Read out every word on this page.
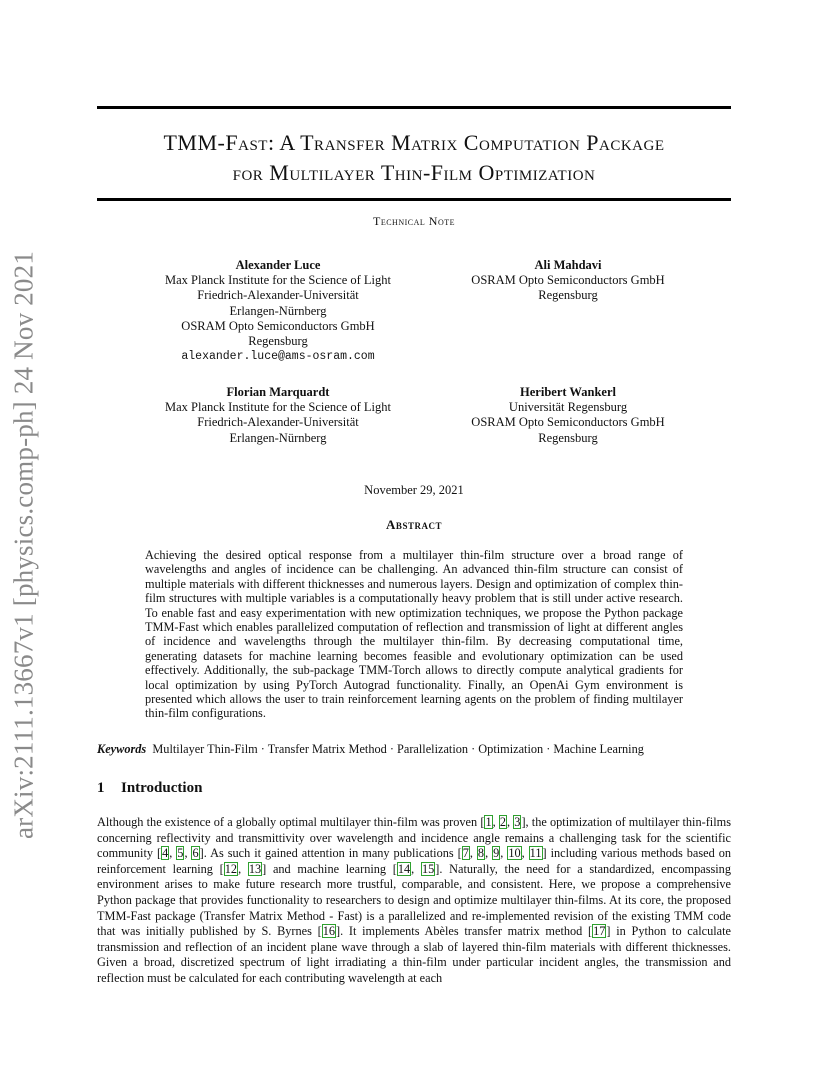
arXiv:2111.13667v1 [physics.comp-ph] 24 Nov 2021
TMM-Fast: A Transfer Matrix Computation Package
for Multilayer Thin-Film Optimization
Technical Note
Alexander Luce
Max Planck Institute for the Science of Light
Friedrich-Alexander-Universität
Erlangen-Nürnberg
OSRAM Opto Semiconductors GmbH
Regensburg
alexander.luce@ams-osram.com
Ali Mahdavi
OSRAM Opto Semiconductors GmbH
Regensburg
Florian Marquardt
Max Planck Institute for the Science of Light
Friedrich-Alexander-Universität
Erlangen-Nürnberg
Heribert Wankerl
Universität Regensburg
OSRAM Opto Semiconductors GmbH
Regensburg
November 29, 2021
Abstract
Achieving the desired optical response from a multilayer thin-film structure over a broad range of wavelengths and angles of incidence can be challenging. An advanced thin-film structure can consist of multiple materials with different thicknesses and numerous layers. Design and optimization of complex thin-film structures with multiple variables is a computationally heavy problem that is still under active research. To enable fast and easy experimentation with new optimization techniques, we propose the Python package TMM-Fast which enables parallelized computation of reflection and transmission of light at different angles of incidence and wavelengths through the multilayer thin-film. By decreasing computational time, generating datasets for machine learning becomes feasible and evolutionary optimization can be used effectively. Additionally, the sub-package TMM-Torch allows to directly compute analytical gradients for local optimization by using PyTorch Autograd functionality. Finally, an OpenAi Gym environment is presented which allows the user to train reinforcement learning agents on the problem of finding multilayer thin-film configurations.
Keywords Multilayer Thin-Film · Transfer Matrix Method · Parallelization · Optimization · Machine Learning
1 Introduction
Although the existence of a globally optimal multilayer thin-film was proven [1, 2, 3], the optimization of multilayer thin-films concerning reflectivity and transmittivity over wavelength and incidence angle remains a challenging task for the scientific community [4, 5, 6]. As such it gained attention in many publications [7, 8, 9, 10, 11] including various methods based on reinforcement learning [12, 13] and machine learning [14, 15]. Naturally, the need for a standardized, encompassing environment arises to make future research more trustful, comparable, and consistent. Here, we propose a comprehensive Python package that provides functionality to researchers to design and optimize multilayer thin-films. At its core, the proposed TMM-Fast package (Transfer Matrix Method - Fast) is a parallelized and re-implemented revision of the existing TMM code that was initially published by S. Byrnes [16]. It implements Abèles transfer matrix method [17] in Python to calculate transmission and reflection of an incident plane wave through a slab of layered thin-film materials with different thicknesses. Given a broad, discretized spectrum of light irradiating a thin-film under particular incident angles, the transmission and reflection must be calculated for each contributing wavelength at each
